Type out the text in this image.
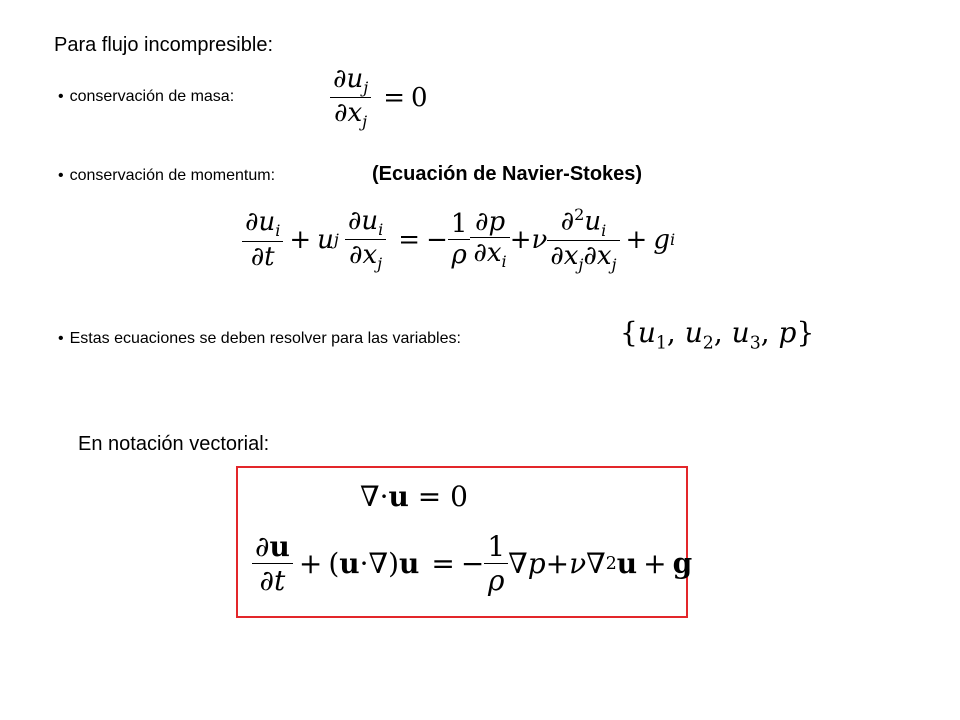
Para flujo incompresible:
• conservación de masa:	$\frac{\partial u_j}{\partial x_j} = 0$
• conservación de momentum:	(Ecuación de Navier-Stokes)
$\frac{\partial u_i}{\partial t} + u$ j $\frac{\partial u_i}{\partial x_j}$ = − $\frac{1}{\rho} \frac{\partial p}{\partial x_i} + \nu \frac{\partial^2u_i}{\partial x_j\partial x_j} + g$ i
• Estas ecuaciones se deben resolver para las variables:	{$u_1$, $u_2$, $u_3$, p}
En notación vectorial:
∇·u = 0
$\frac{\partial u}{\partial t}$ + ( u · ∇ ) u = − $\frac{1}{\rho}$ ∇ p + ν ∇ 2 u + g
